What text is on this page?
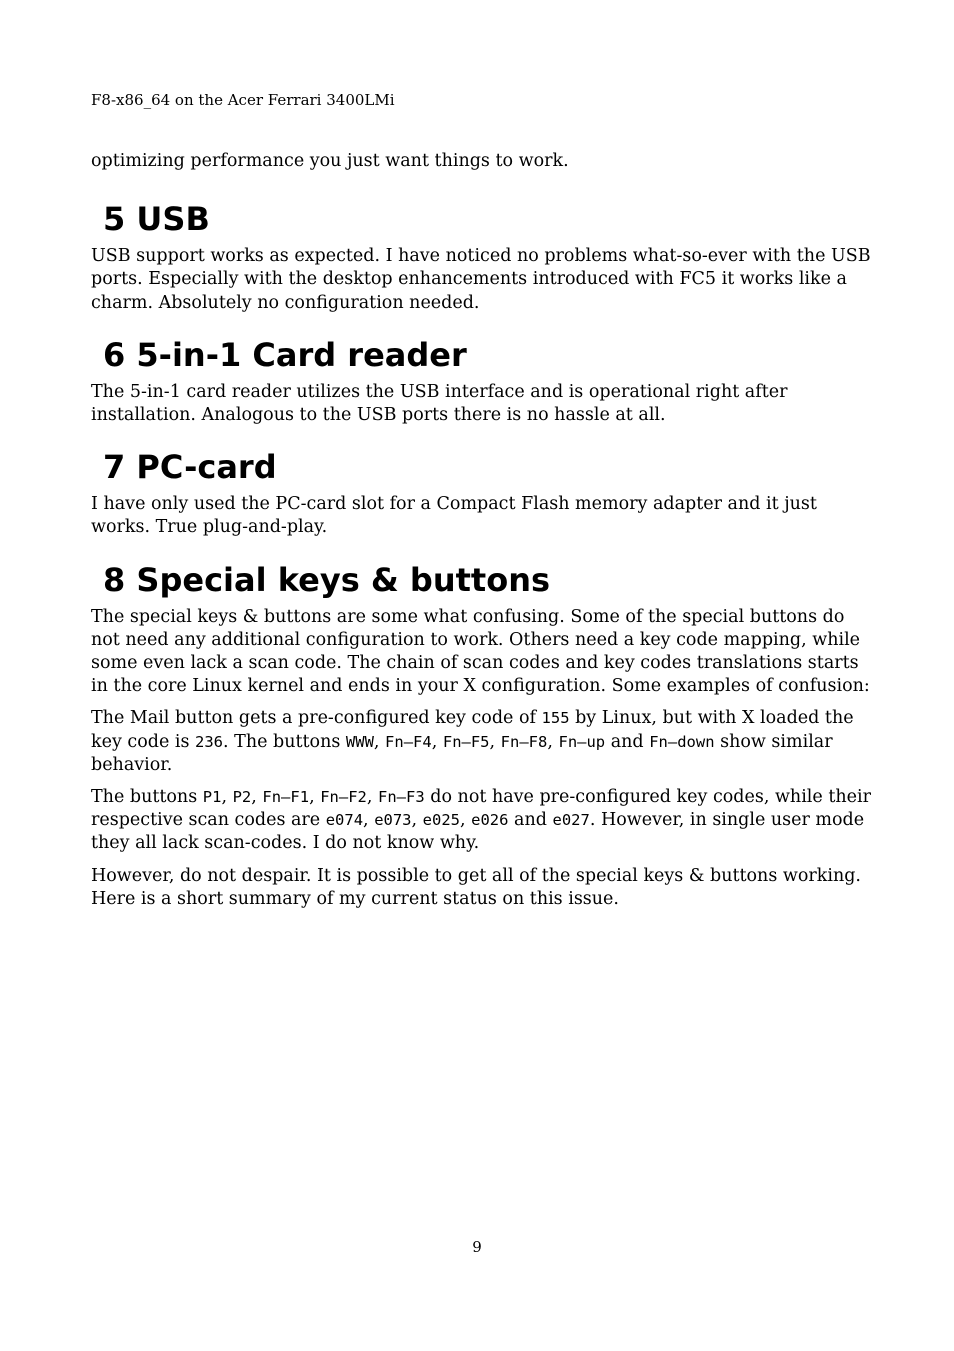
F8-x86_64 on the Acer Ferrari 3400LMi

optimizing performance you just want things to work.

5 USB

USB support works as expected. I have noticed no problems what-so-ever with the USB ports. Especially with the desktop enhancements introduced with FC5 it works like a charm. Absolutely no configuration needed.

6 5-in-1 Card reader

The 5-in-1 card reader utilizes the USB interface and is operational right after installation. Analogous to the USB ports there is no hassle at all.

7 PC-card

I have only used the PC-card slot for a Compact Flash memory adapter and it just works. True plug-and-play.

8 Special keys & buttons

The special keys & buttons are some what confusing. Some of the special buttons do not need any additional configuration to work. Others need a key code mapping, while some even lack a scan code. The chain of scan codes and key codes translations starts in the core Linux kernel and ends in your X configuration. Some examples of confusion:

The Mail button gets a pre-configured key code of 155 by Linux, but with X loaded the key code is 236. The buttons WWW, Fn–F4, Fn–F5, Fn–F8, Fn–up and Fn–down show similar behavior.

The buttons P1, P2, Fn–F1, Fn–F2, Fn–F3 do not have pre-configured key codes, while their respective scan codes are e074, e073, e025, e026 and e027. However, in single user mode they all lack scan-codes. I do not know why.

However, do not despair. It is possible to get all of the special keys & buttons working. Here is a short summary of my current status on this issue.

9
